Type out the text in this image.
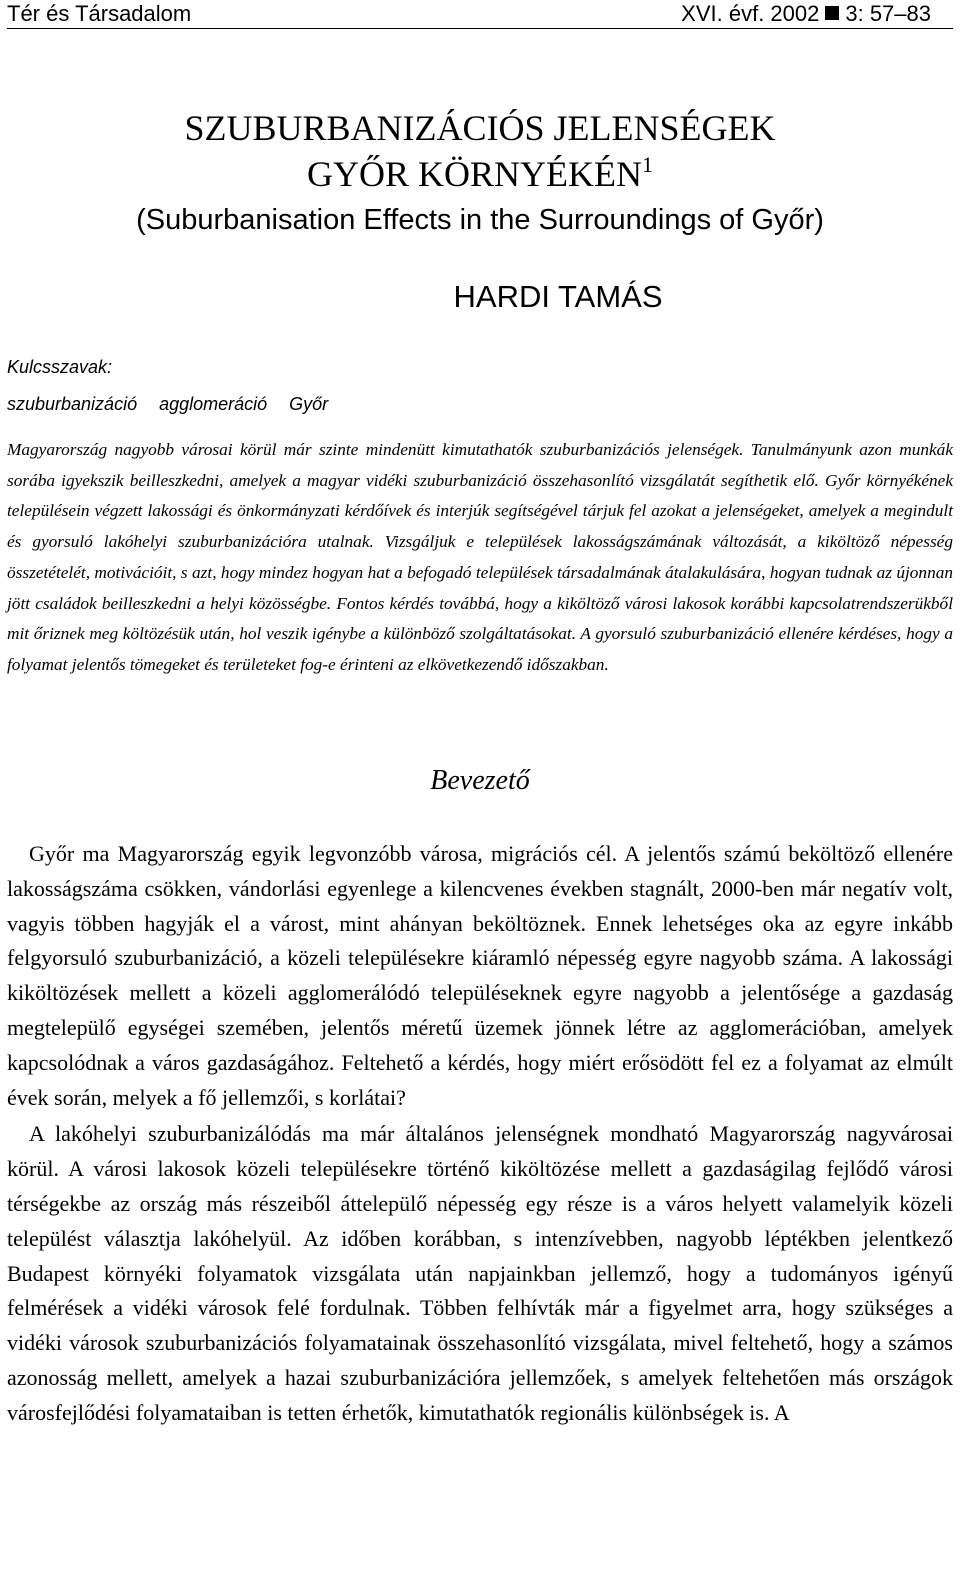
Tér és Társadalom	XVI. évf. 2002 3: 57–83
SZUBURBANIZÁCIÓS JELENSÉGEK
GYŐR KÖRNYÉKÉN$^1$
(Suburbanisation Effects in the Surroundings of Győr)
HARDI TAMÁS
Kulcsszavak:
szuburbanizáció agglomeráció Győr

Magyarország nagyobb városai körül már szinte mindenütt kimutathatók szuburbanizációs jelenségek. Tanulmányunk azon munkák sorába igyekszik beilleszkedni, amelyek a magyar vidéki szuburbanizáció összehasonlító vizsgálatát segíthetik elő. Győr környékének településein végzett lakossági és önkormányzati kérdőívek és interjúk segítségével tárjuk fel azokat a jelenségeket, amelyek a megindult és gyorsuló lakóhelyi szuburbanizációra utalnak. Vizsgáljuk e települések lakosságszámának változását, a kiköltöző népesség összetételét, motivációit, s azt, hogy mindez hogyan hat a befogadó települések társadalmának átalakulására, hogyan tudnak az újonnan jött családok beilleszkedni a helyi közösségbe. Fontos kérdés továbbá, hogy a kiköltöző városi lakosok korábbi kapcsolatrendszerükből mit őriznek meg költözésük után, hol veszik igénybe a különböző szolgáltatásokat. A gyorsuló szuburbanizáció ellenére kérdéses, hogy a folyamat jelentős tömegeket és területeket fog-e érinteni az elkövetkezendő időszakban.

Bevezető

Győr ma Magyarország egyik legvonzóbb városa, migrációs cél. A jelentős számú beköltöző ellenére lakosságszáma csökken, vándorlási egyenlege a kilencvenes években stagnált, 2000-ben már negatív volt, vagyis többen hagyják el a várost, mint ahányan beköltöznek. Ennek lehetséges oka az egyre inkább felgyorsuló szuburbanizáció, a közeli településekre kiáramló népesség egyre nagyobb száma. A lakossági kiköltözések mellett a közeli agglomerálódó településeknek egyre nagyobb a jelentősége a gazdaság megtelepülő egységei szemében, jelentős méretű üzemek jönnek létre az agglomerációban, amelyek kapcsolódnak a város gazdaságához. Feltehető a kérdés, hogy miért erősödött fel ez a folyamat az elmúlt évek során, melyek a fő jellemzői, s korlátai?

A lakóhelyi szuburbanizálódás ma már általános jelenségnek mondható Magyarország nagyvárosai körül. A városi lakosok közeli településekre történő kiköltözése mellett a gazdaságilag fejlődő városi térségekbe az ország más részeiből áttelepülő népesség egy része is a város helyett valamelyik közeli települést választja lakóhelyül. Az időben korábban, s intenzívebben, nagyobb léptékben jelentkező Budapest környéki folyamatok vizsgálata után napjainkban jellemző, hogy a tudományos igényű felmérések a vidéki városok felé fordulnak. Többen felhívták már a figyelmet arra, hogy szükséges a vidéki városok szuburbanizációs folyamatainak összehasonlító vizsgálata, mivel feltehető, hogy a számos azonosság mellett, amelyek a hazai szuburbanizációra jellemzőek, s amelyek feltehetően más országok városfejlődési folyamataiban is tetten érhetők, kimutathatók regionális különbségek is. A
